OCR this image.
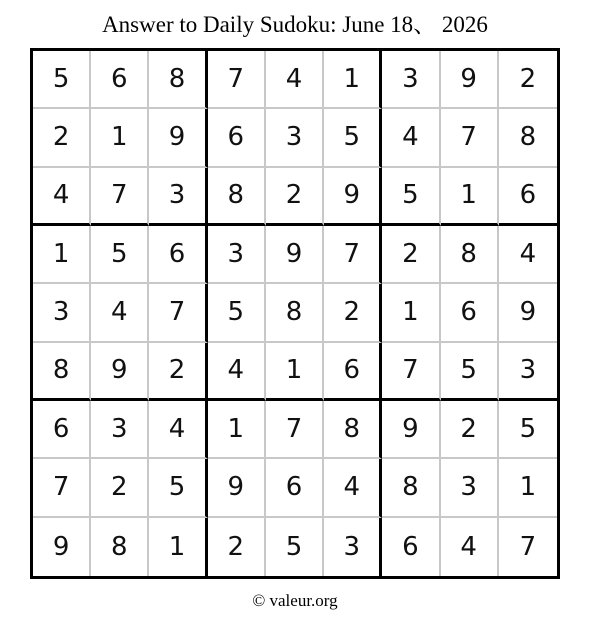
Answer to Daily Sudoku: June 18、 2026
5	6	8	7	4	1	3	9	2
2	1	9	6	3	5	4	7	8
4	7	3	8	2	9	5	1	6
1	5	6	3	9	7	2	8	4
3	4	7	5	8	2	1	6	9
8	9	2	4	1	6	7	5	3
6	3	4	1	7	8	9	2	5
7	2	5	9	6	4	8	3	1
9	8	1	2	5	3	6	4	7
© valeur.org
